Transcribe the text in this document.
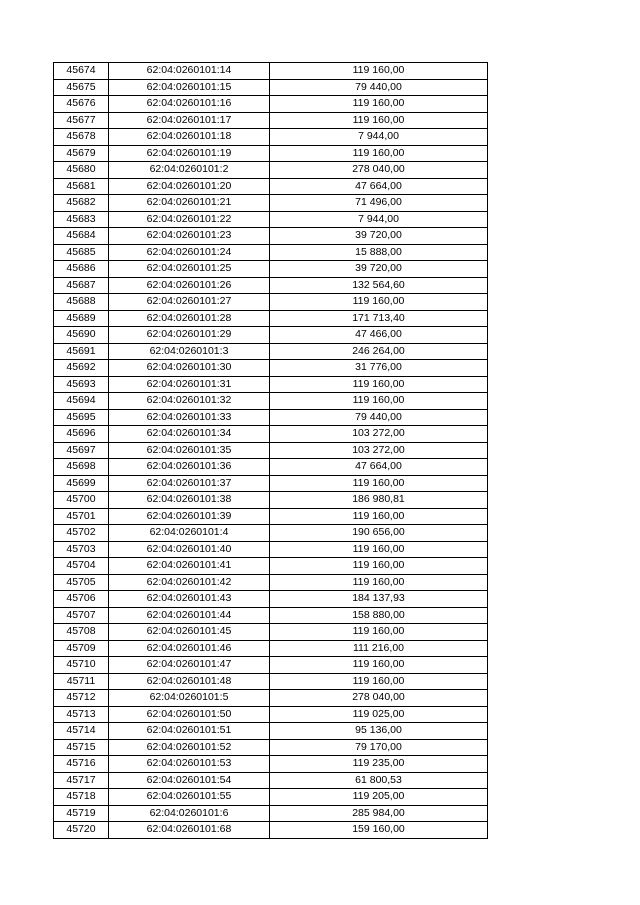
45674	62:04:0260101:14	119 160,00
45675	62:04:0260101:15	79 440,00
45676	62:04:0260101:16	119 160,00
45677	62:04:0260101:17	119 160,00
45678	62:04:0260101:18	7 944,00
45679	62:04:0260101:19	119 160,00
45680	62:04:0260101:2	278 040,00
45681	62:04:0260101:20	47 664,00
45682	62:04:0260101:21	71 496,00
45683	62:04:0260101:22	7 944,00
45684	62:04:0260101:23	39 720,00
45685	62:04:0260101:24	15 888,00
45686	62:04:0260101:25	39 720,00
45687	62:04:0260101:26	132 564,60
45688	62:04:0260101:27	119 160,00
45689	62:04:0260101:28	171 713,40
45690	62:04:0260101:29	47 466,00
45691	62:04:0260101:3	246 264,00
45692	62:04:0260101:30	31 776,00
45693	62:04:0260101:31	119 160,00
45694	62:04:0260101:32	119 160,00
45695	62:04:0260101:33	79 440,00
45696	62:04:0260101:34	103 272,00
45697	62:04:0260101:35	103 272,00
45698	62:04:0260101:36	47 664,00
45699	62:04:0260101:37	119 160,00
45700	62:04:0260101:38	186 980,81
45701	62:04:0260101:39	119 160,00
45702	62:04:0260101:4	190 656,00
45703	62:04:0260101:40	119 160,00
45704	62:04:0260101:41	119 160,00
45705	62:04:0260101:42	119 160,00
45706	62:04:0260101:43	184 137,93
45707	62:04:0260101:44	158 880,00
45708	62:04:0260101:45	119 160,00
45709	62:04:0260101:46	111 216,00
45710	62:04:0260101:47	119 160,00
45711	62:04:0260101:48	119 160,00
45712	62:04:0260101:5	278 040,00
45713	62:04:0260101:50	119 025,00
45714	62:04:0260101:51	95 136,00
45715	62:04:0260101:52	79 170,00
45716	62:04:0260101:53	119 235,00
45717	62:04:0260101:54	61 800,53
45718	62:04:0260101:55	119 205,00
45719	62:04:0260101:6	285 984,00
45720	62:04:0260101:68	159 160,00
